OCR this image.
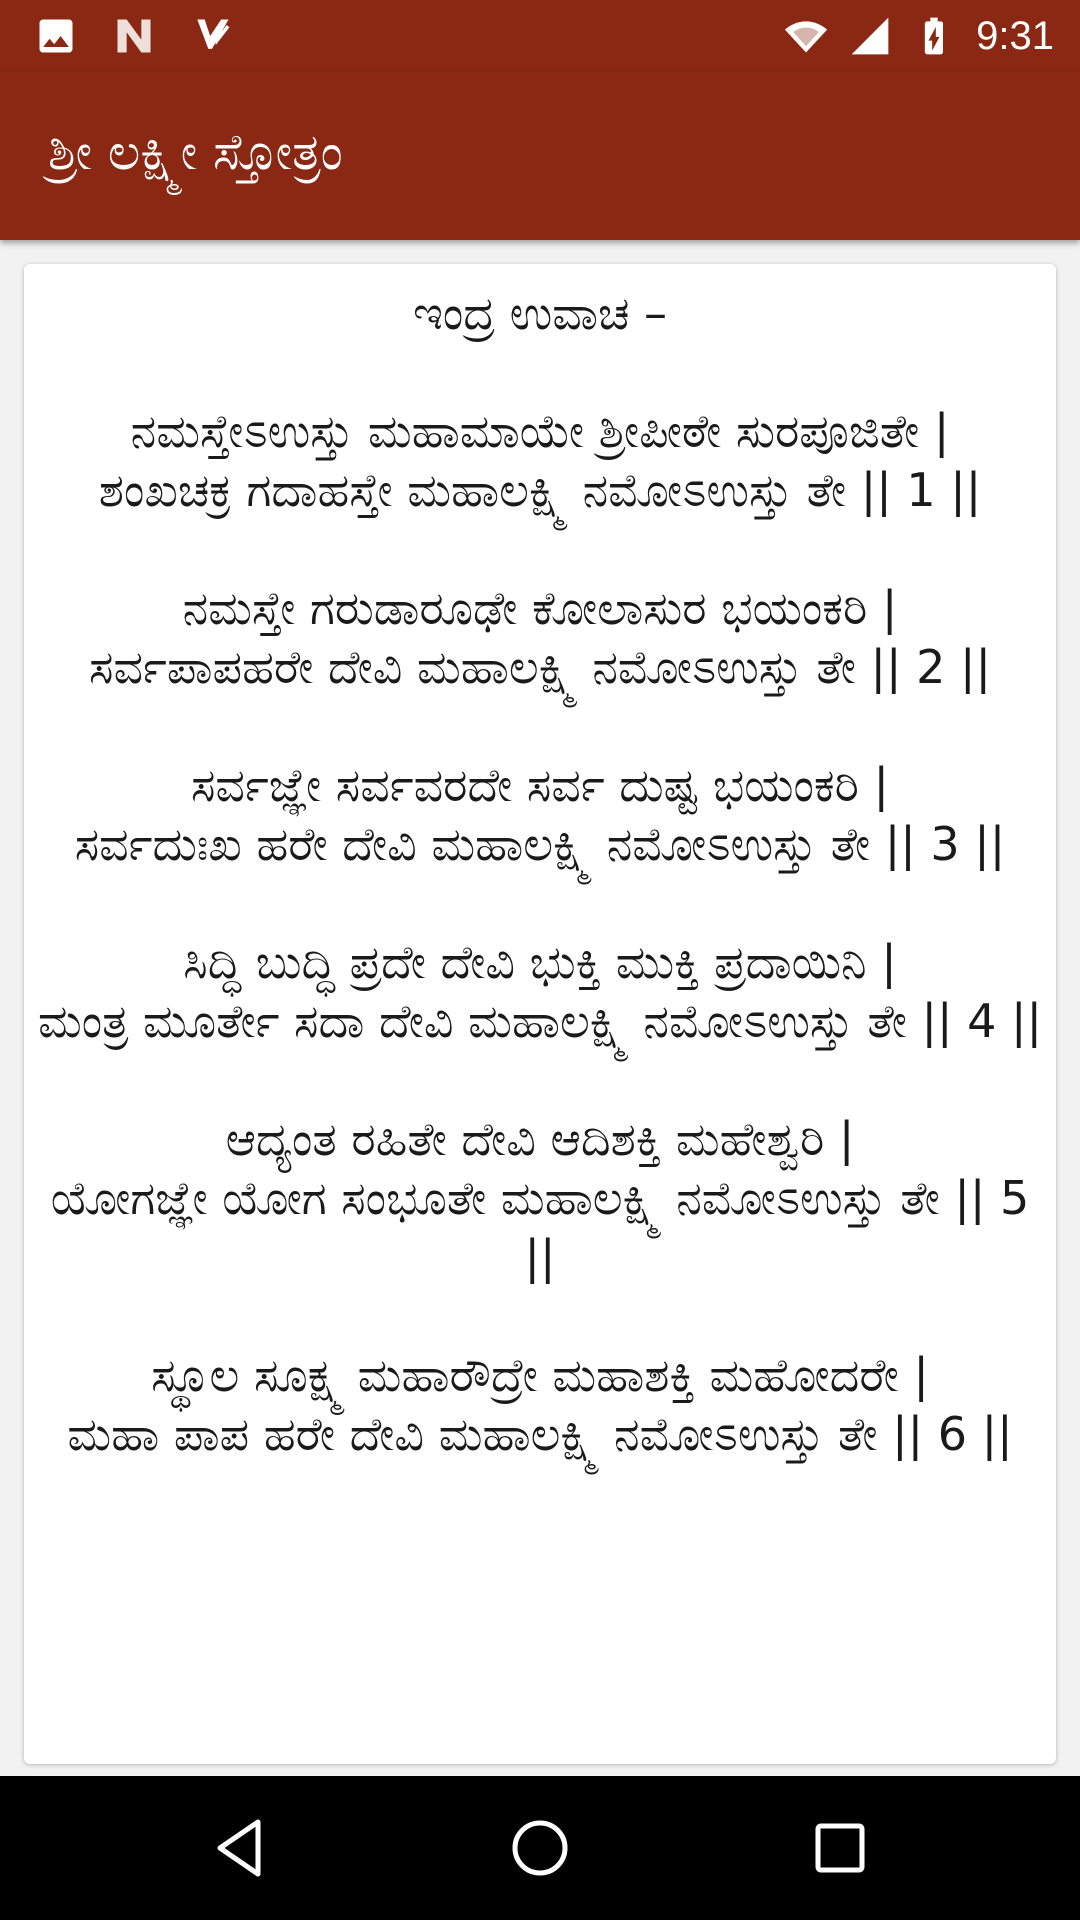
9:31
ಶ್ರೀ ಲಕ್ಷ್ಮೀ ಸ್ತೋತ್ರಂ

ಇಂದ್ರ ಉವಾಚ –

ನಮಸ್ತೇಽಉಸ್ತು ಮಹಾಮಾಯೇ ಶ್ರೀಪೀಠೇ ಸುರಪೂಜಿತೇ |
ಶಂಖಚಕ್ರ ಗದಾಹಸ್ತೇ ಮಹಾಲಕ್ಷ್ಮಿ ನಮೋಽಉಸ್ತು ತೇ || 1 ||

ನಮಸ್ತೇ ಗರುಡಾರೂಢೇ ಕೋಲಾಸುರ ಭಯಂಕರಿ |
ಸರ್ವಪಾಪಹರೇ ದೇವಿ ಮಹಾಲಕ್ಷ್ಮಿ ನಮೋಽಉಸ್ತು ತೇ || 2 ||

ಸರ್ವಜ್ಞೇ ಸರ್ವವರದೇ ಸರ್ವ ದುಷ್ಟ ಭಯಂಕರಿ |
ಸರ್ವದುಃಖ ಹರೇ ದೇವಿ ಮಹಾಲಕ್ಷ್ಮಿ ನಮೋಽಉಸ್ತು ತೇ || 3 ||

ಸಿದ್ಧಿ ಬುದ್ಧಿ ಪ್ರದೇ ದೇವಿ ಭುಕ್ತಿ ಮುಕ್ತಿ ಪ್ರದಾಯಿನಿ |
ಮಂತ್ರ ಮೂರ್ತೇ ಸದಾ ದೇವಿ ಮಹಾಲಕ್ಷ್ಮಿ ನಮೋಽಉಸ್ತು ತೇ || 4 ||

ಆದ್ಯಂತ ರಹಿತೇ ದೇವಿ ಆದಿಶಕ್ತಿ ಮಹೇಶ್ವರಿ |
ಯೋಗಜ್ಞೇ ಯೋಗ ಸಂಭೂತೇ ಮಹಾಲಕ್ಷ್ಮಿ ನಮೋಽಉಸ್ತು ತೇ || 5 ||

ಸ್ಥೂಲ ಸೂಕ್ಷ್ಮ ಮಹಾರೌದ್ರೇ ಮಹಾಶಕ್ತಿ ಮಹೋದರೇ |
ಮಹಾ ಪಾಪ ಹರೇ ದೇವಿ ಮಹಾಲಕ್ಷ್ಮಿ ನಮೋಽಉಸ್ತು ತೇ || 6 ||
